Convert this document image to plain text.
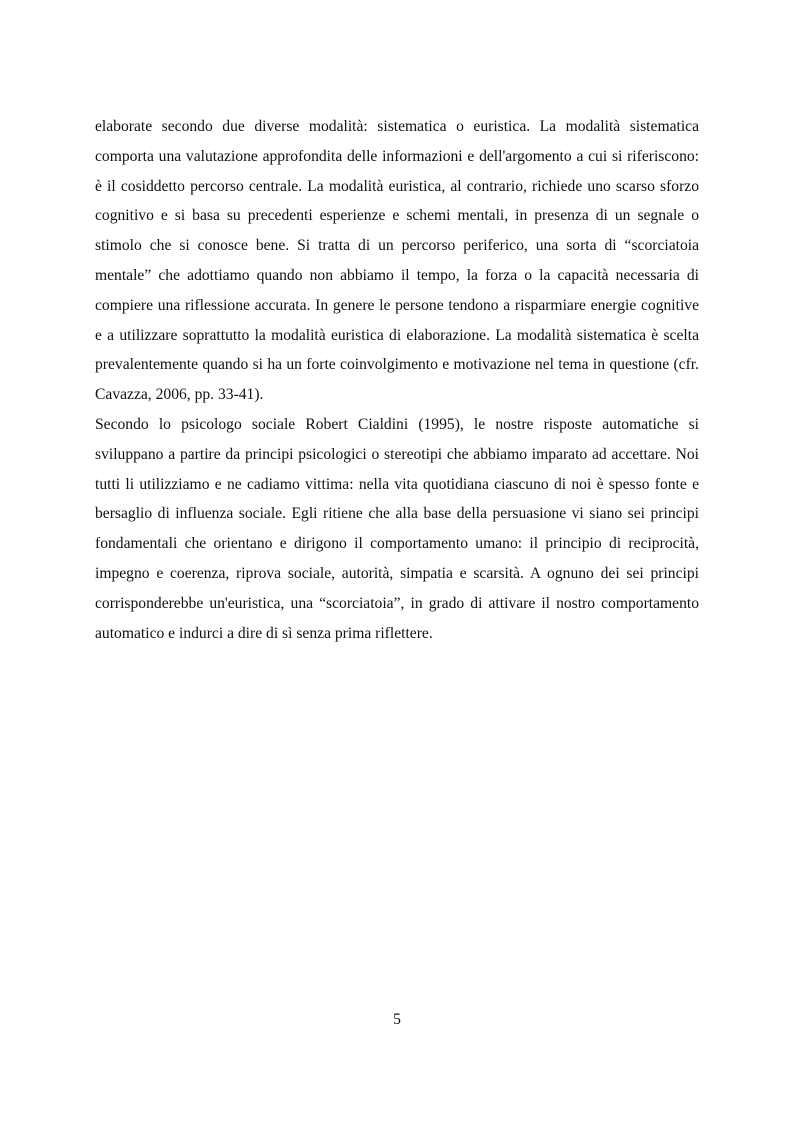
elaborate secondo due diverse modalità: sistematica o euristica. La modalità sistematica comporta una valutazione approfondita delle informazioni e dell'argomento a cui si riferiscono: è il cosiddetto percorso centrale. La modalità euristica, al contrario, richiede uno scarso sforzo cognitivo e si basa su precedenti esperienze e schemi mentali, in presenza di un segnale o stimolo che si conosce bene. Si tratta di un percorso periferico, una sorta di “scorciatoia mentale” che adottiamo quando non abbiamo il tempo, la forza o la capacità necessaria di compiere una riflessione accurata. In genere le persone tendono a risparmiare energie cognitive e a utilizzare soprattutto la modalità euristica di elaborazione. La modalità sistematica è scelta prevalentemente quando si ha un forte coinvolgimento e motivazione nel tema in questione (cfr. Cavazza, 2006, pp. 33-41).

Secondo lo psicologo sociale Robert Cialdini (1995), le nostre risposte automatiche si sviluppano a partire da principi psicologici o stereotipi che abbiamo imparato ad accettare. Noi tutti li utilizziamo e ne cadiamo vittima: nella vita quotidiana ciascuno di noi è spesso fonte e bersaglio di influenza sociale. Egli ritiene che alla base della persuasione vi siano sei principi fondamentali che orientano e dirigono il comportamento umano: il principio di reciprocità, impegno e coerenza, riprova sociale, autorità, simpatia e scarsità. A ognuno dei sei principi corrisponderebbe un'euristica, una “scorciatoia”, in grado di attivare il nostro comportamento automatico e indurci a dire di sì senza prima riflettere.

5
